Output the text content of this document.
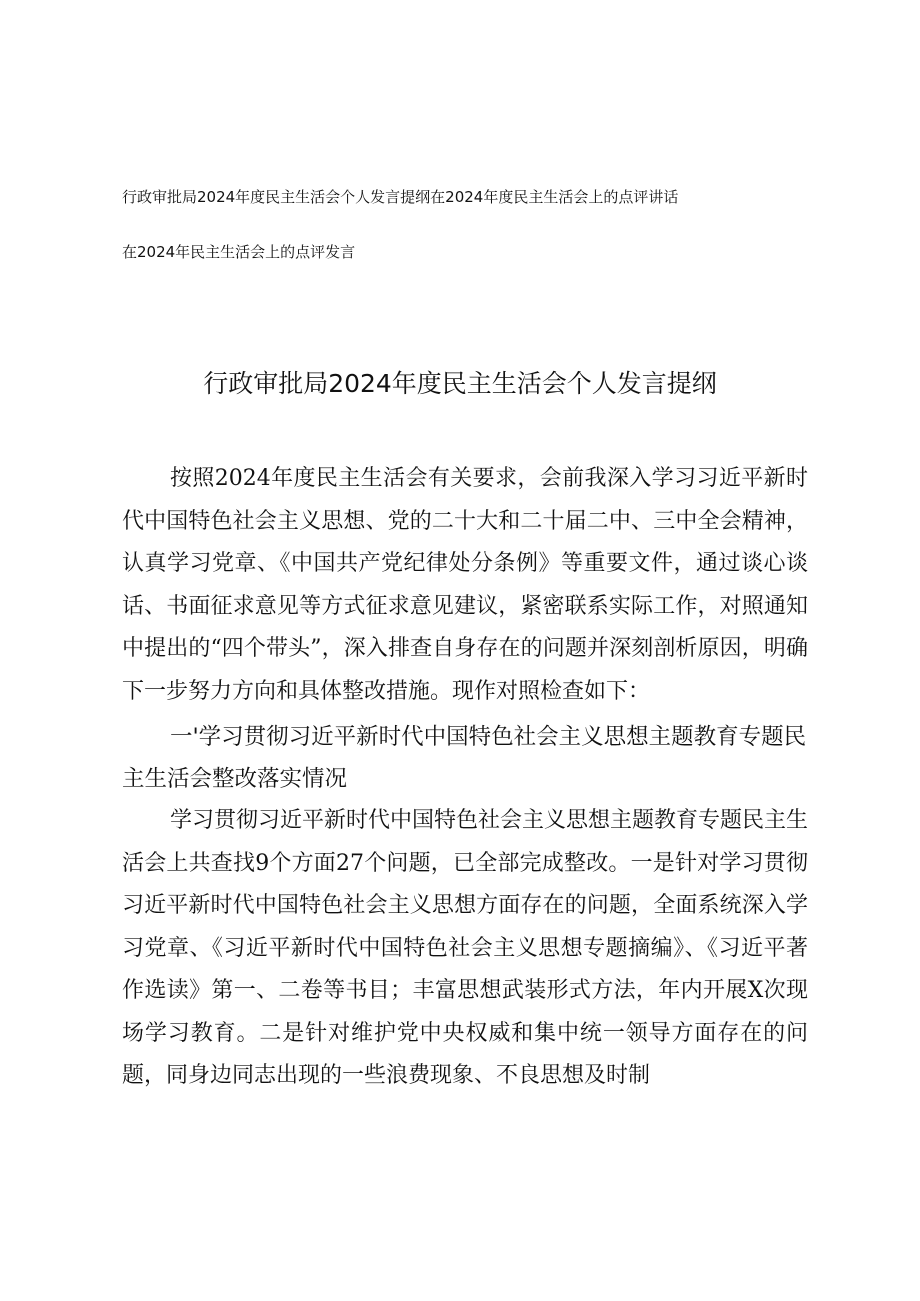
行政审批局2024年度民主生活会个人发言提纲在2024年度民主生活会上的点评讲话
在2024年民主生活会上的点评发言
行政审批局2024年度民主生活会个人发言提纲

按照2024年度民主生活会有关要求，会前我深入学习习近平新时代中国特色社会主义思想、党的二十大和二十届二中、三中全会精神，认真学习党章、《中国共产党纪律处分条例》等重要文件，通过谈心谈话、书面征求意见等方式征求意见建议，紧密联系实际工作，对照通知中提出的“四个带头”，深入排查自身存在的问题并深刻剖析原因，明确下一步努力方向和具体整改措施。现作对照检查如下：

一'学习贯彻习近平新时代中国特色社会主义思想主题教育专题民主生活会整改落实情况

学习贯彻习近平新时代中国特色社会主义思想主题教育专题民主生活会上共查找9个方面27个问题，已全部完成整改。一是针对学习贯彻习近平新时代中国特色社会主义思想方面存在的问题，全面系统深入学习党章、《习近平新时代中国特色社会主义思想专题摘编》、《习近平著作选读》第一、二卷等书目；丰富思想武装形式方法，年内开展X次现场学习教育。二是针对维护党中央权威和集中统一领导方面存在的问题，同身边同志出现的一些浪费现象、不良思想及时制
